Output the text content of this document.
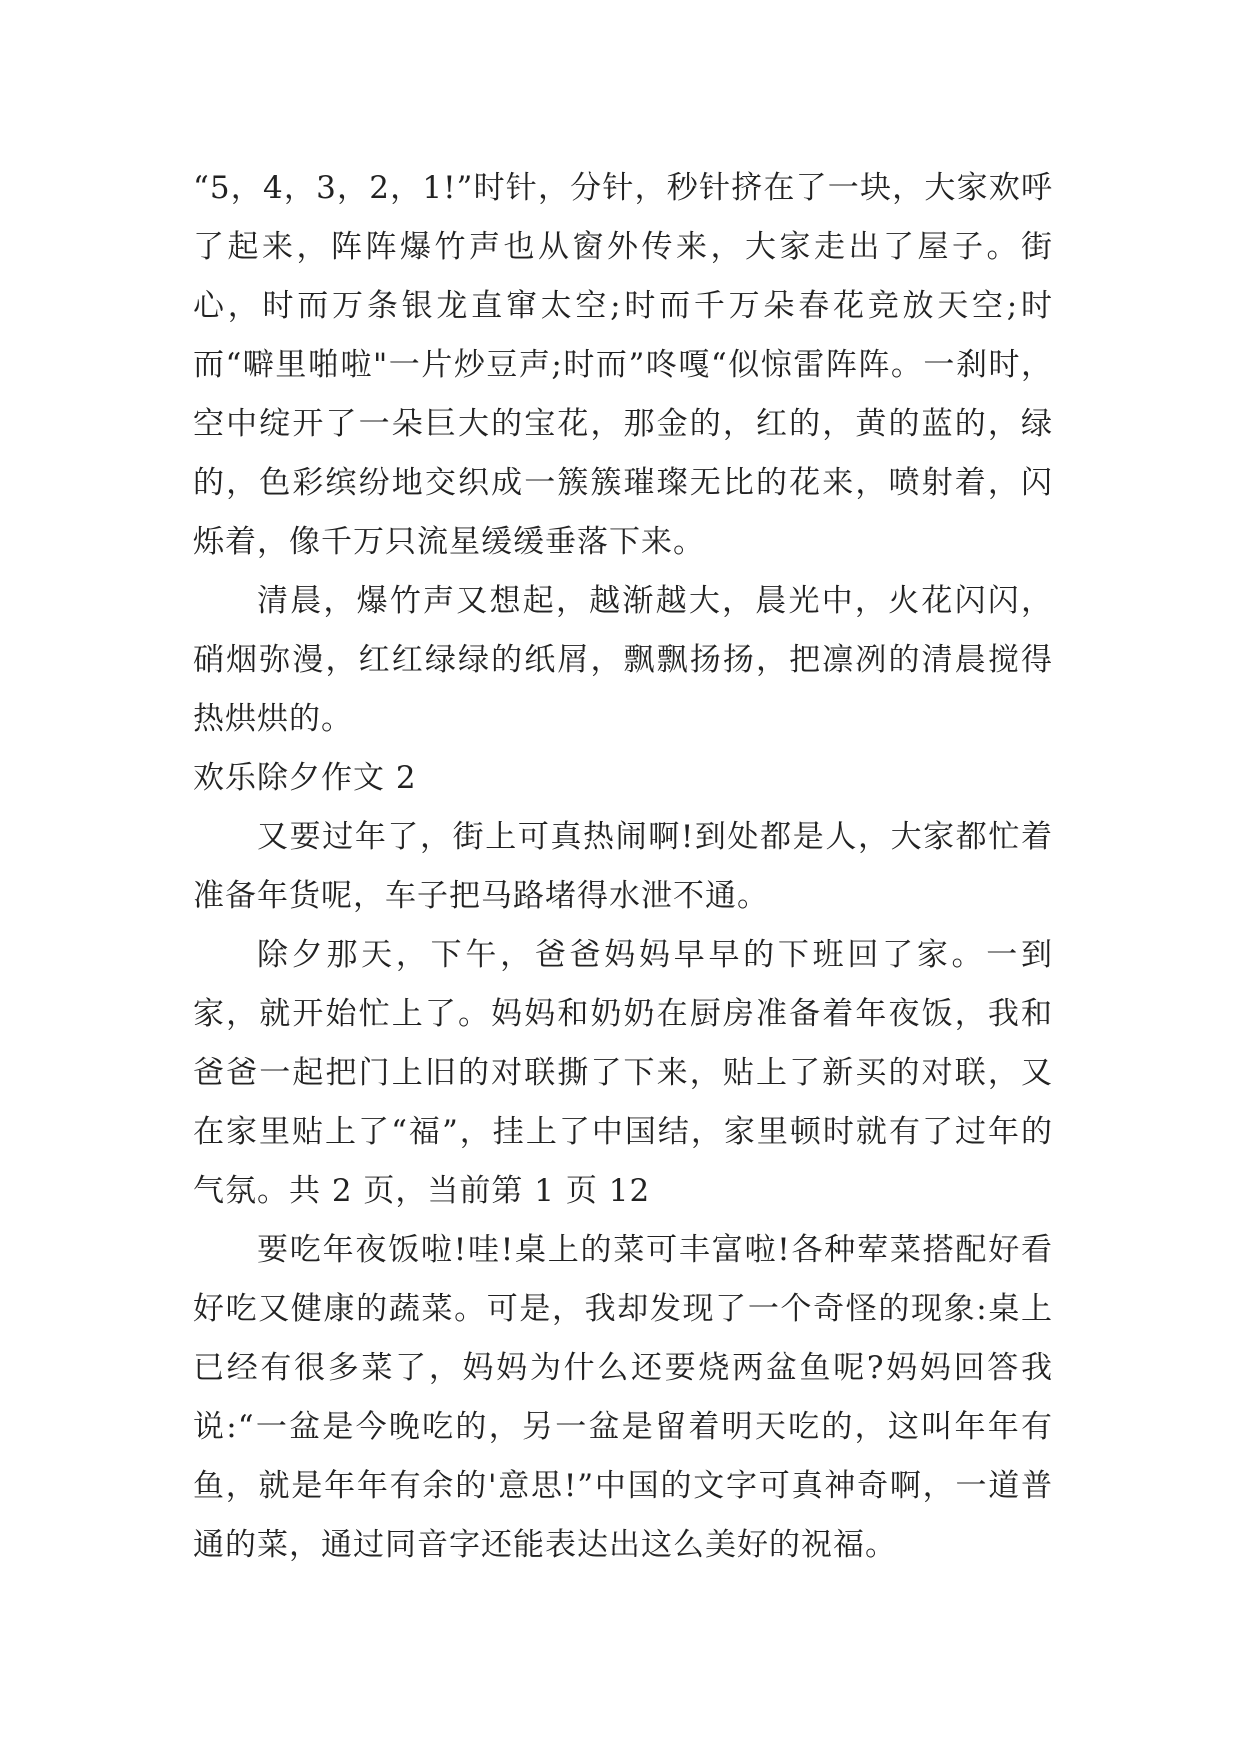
“5，4，3，2，1!”时针，分针，秒针挤在了一块，大家欢呼了起来，阵阵爆竹声也从窗外传来，大家走出了屋子。街心，时而万条银龙直窜太空;时而千万朵春花竞放天空;时而“噼里啪啦"一片炒豆声;时而”咚嘎“似惊雷阵阵。一刹时，空中绽开了一朵巨大的宝花，那金的，红的，黄的蓝的，绿的，色彩缤纷地交织成一簇簇璀璨无比的花来，喷射着，闪烁着，像千万只流星缓缓垂落下来。

清晨，爆竹声又想起，越渐越大，晨光中，火花闪闪，硝烟弥漫，红红绿绿的纸屑，飘飘扬扬，把凛冽的清晨搅得热烘烘的。

欢乐除夕作文 2

又要过年了，街上可真热闹啊!到处都是人，大家都忙着准备年货呢，车子把马路堵得水泄不通。

除夕那天，下午，爸爸妈妈早早的下班回了家。一到家，就开始忙上了。妈妈和奶奶在厨房准备着年夜饭，我和爸爸一起把门上旧的对联撕了下来，贴上了新买的对联，又在家里贴上了“福”，挂上了中国结，家里顿时就有了过年的气氛。共 2 页，当前第 1 页 12

要吃年夜饭啦!哇!桌上的菜可丰富啦!各种荤菜搭配好看好吃又健康的蔬菜。可是，我却发现了一个奇怪的现象:桌上已经有很多菜了，妈妈为什么还要烧两盆鱼呢?妈妈回答我说:“一盆是今晚吃的，另一盆是留着明天吃的，这叫年年有鱼，就是年年有余的'意思!”中国的文字可真神奇啊，一道普通的菜，通过同音字还能表达出这么美好的祝福。
